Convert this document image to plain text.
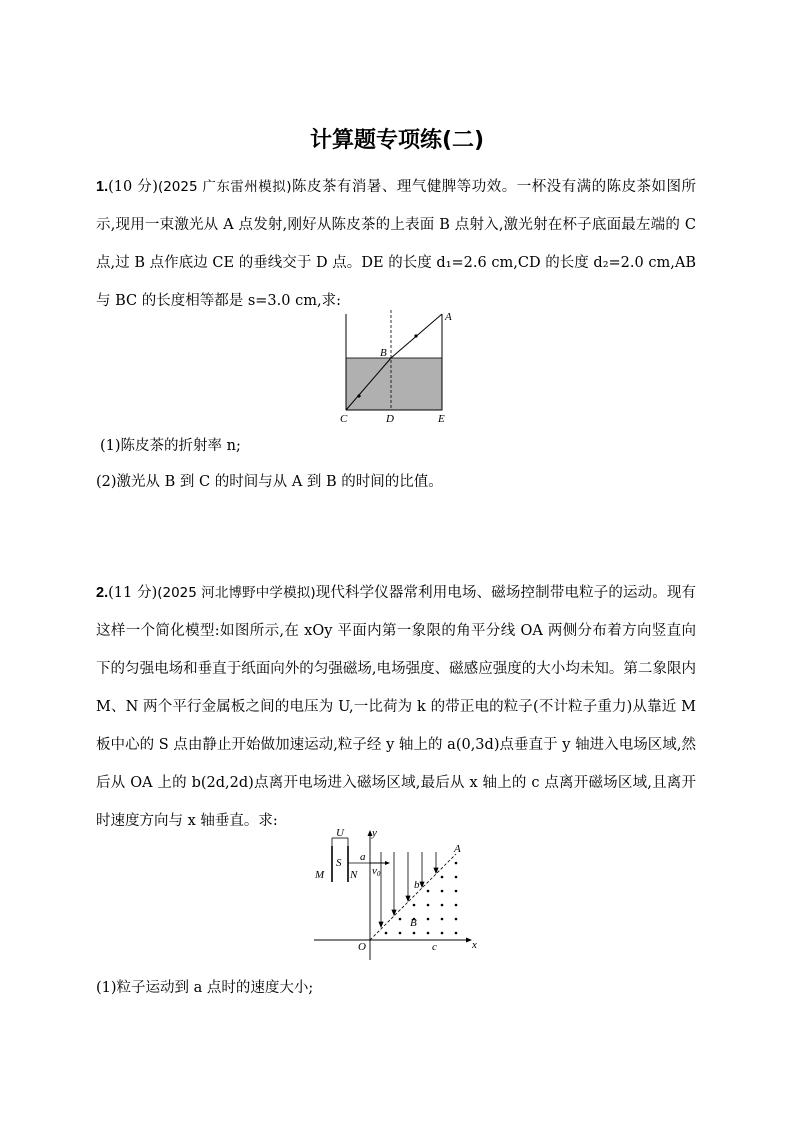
计算题专项练(二)
1.(10 分)(2025 广东雷州模拟)陈皮茶有消暑、理气健脾等功效。一杯没有满的陈皮茶如图所示,现用一束激光从 A 点发射,刚好从陈皮茶的上表面 B 点射入,激光射在杯子底面最左端的 C 点,过 B 点作底边 CE 的垂线交于 D 点。DE 的长度 d₁=2.6 cm,CD 的长度 d₂=2.0 cm,AB 与 BC 的长度相等都是 s=3.0 cm,求:
A
B
C	D	E
(1)陈皮茶的折射率 n;
(2)激光从 B 到 C 的时间与从 A 到 B 的时间的比值。
2.(11 分)(2025 河北博野中学模拟)现代科学仪器常利用电场、磁场控制带电粒子的运动。现有这样一个简化模型:如图所示,在 xOy 平面内第一象限的角平分线 OA 两侧分布着方向竖直向下的匀强电场和垂直于纸面向外的匀强磁场,电场强度、磁感应强度的大小均未知。第二象限内 M、N 两个平行金属板之间的电压为 U,一比荷为 k 的带正电的粒子(不计粒子重力)从靠近 M 板中心的 S 点由静止开始做加速运动,粒子经 y 轴上的 a(0,3d)点垂直于 y 轴进入电场区域,然后从 OA 上的 b(2d,2d)点离开电场进入磁场区域,最后从 x 轴上的 c 点离开磁场区域,且离开时速度方向与 x 轴垂直。求:
y
x
O
A
B
b
c
U
M N
S a
v0
(1)粒子运动到 a 点时的速度大小;
